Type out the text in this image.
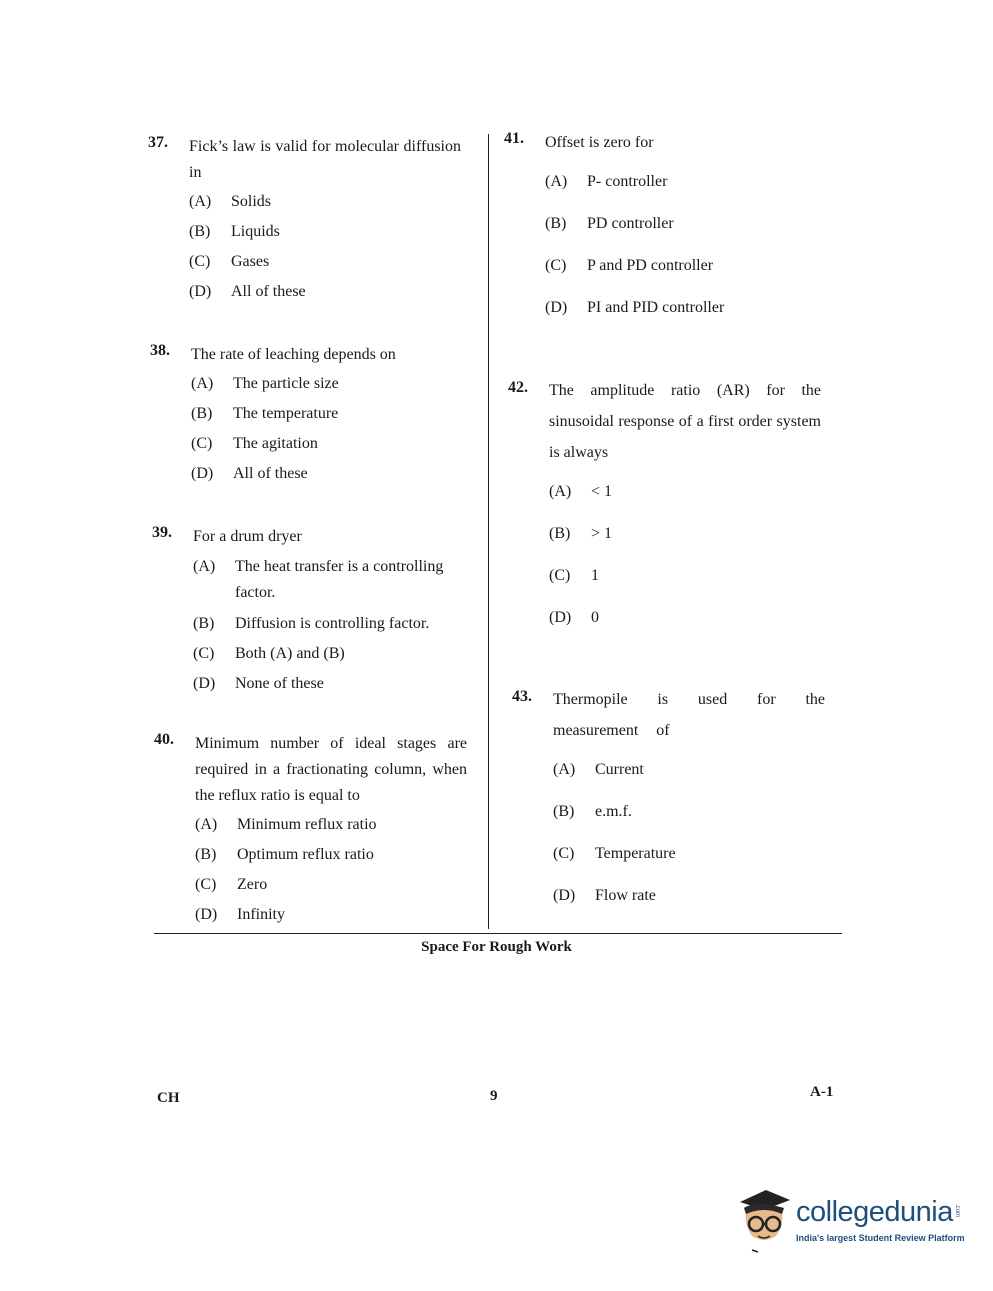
37. Fick’s law is valid for molecular diffusion in
(A) Solids
(B) Liquids
(C) Gases
(D) All of these
38. The rate of leaching depends on
(A) The particle size
(B) The temperature
(C) The agitation
(D) All of these
39. For a drum dryer
(A) The heat transfer is a controlling factor.
(B) Diffusion is controlling factor.
(C) Both (A) and (B)
(D) None of these
40. Minimum number of ideal stages are required in a fractionating column, when the reflux ratio is equal to
(A) Minimum reflux ratio
(B) Optimum reflux ratio
(C) Zero
(D) Infinity
41. Offset is zero for
(A) P- controller
(B) PD controller
(C) P and PD controller
(D) PI and PID controller
42. The amplitude ratio (AR) for the sinusoidal response of a first order system is always
(A) < 1
(B) > 1
(C) 1
(D) 0
43. Thermopile is used for the measurement of
(A) Current
(B) e.m.f.
(C) Temperature
(D) Flow rate
Space For Rough Work
CH	9	A-1
collegedunia .com
India's largest Student Review Platform
